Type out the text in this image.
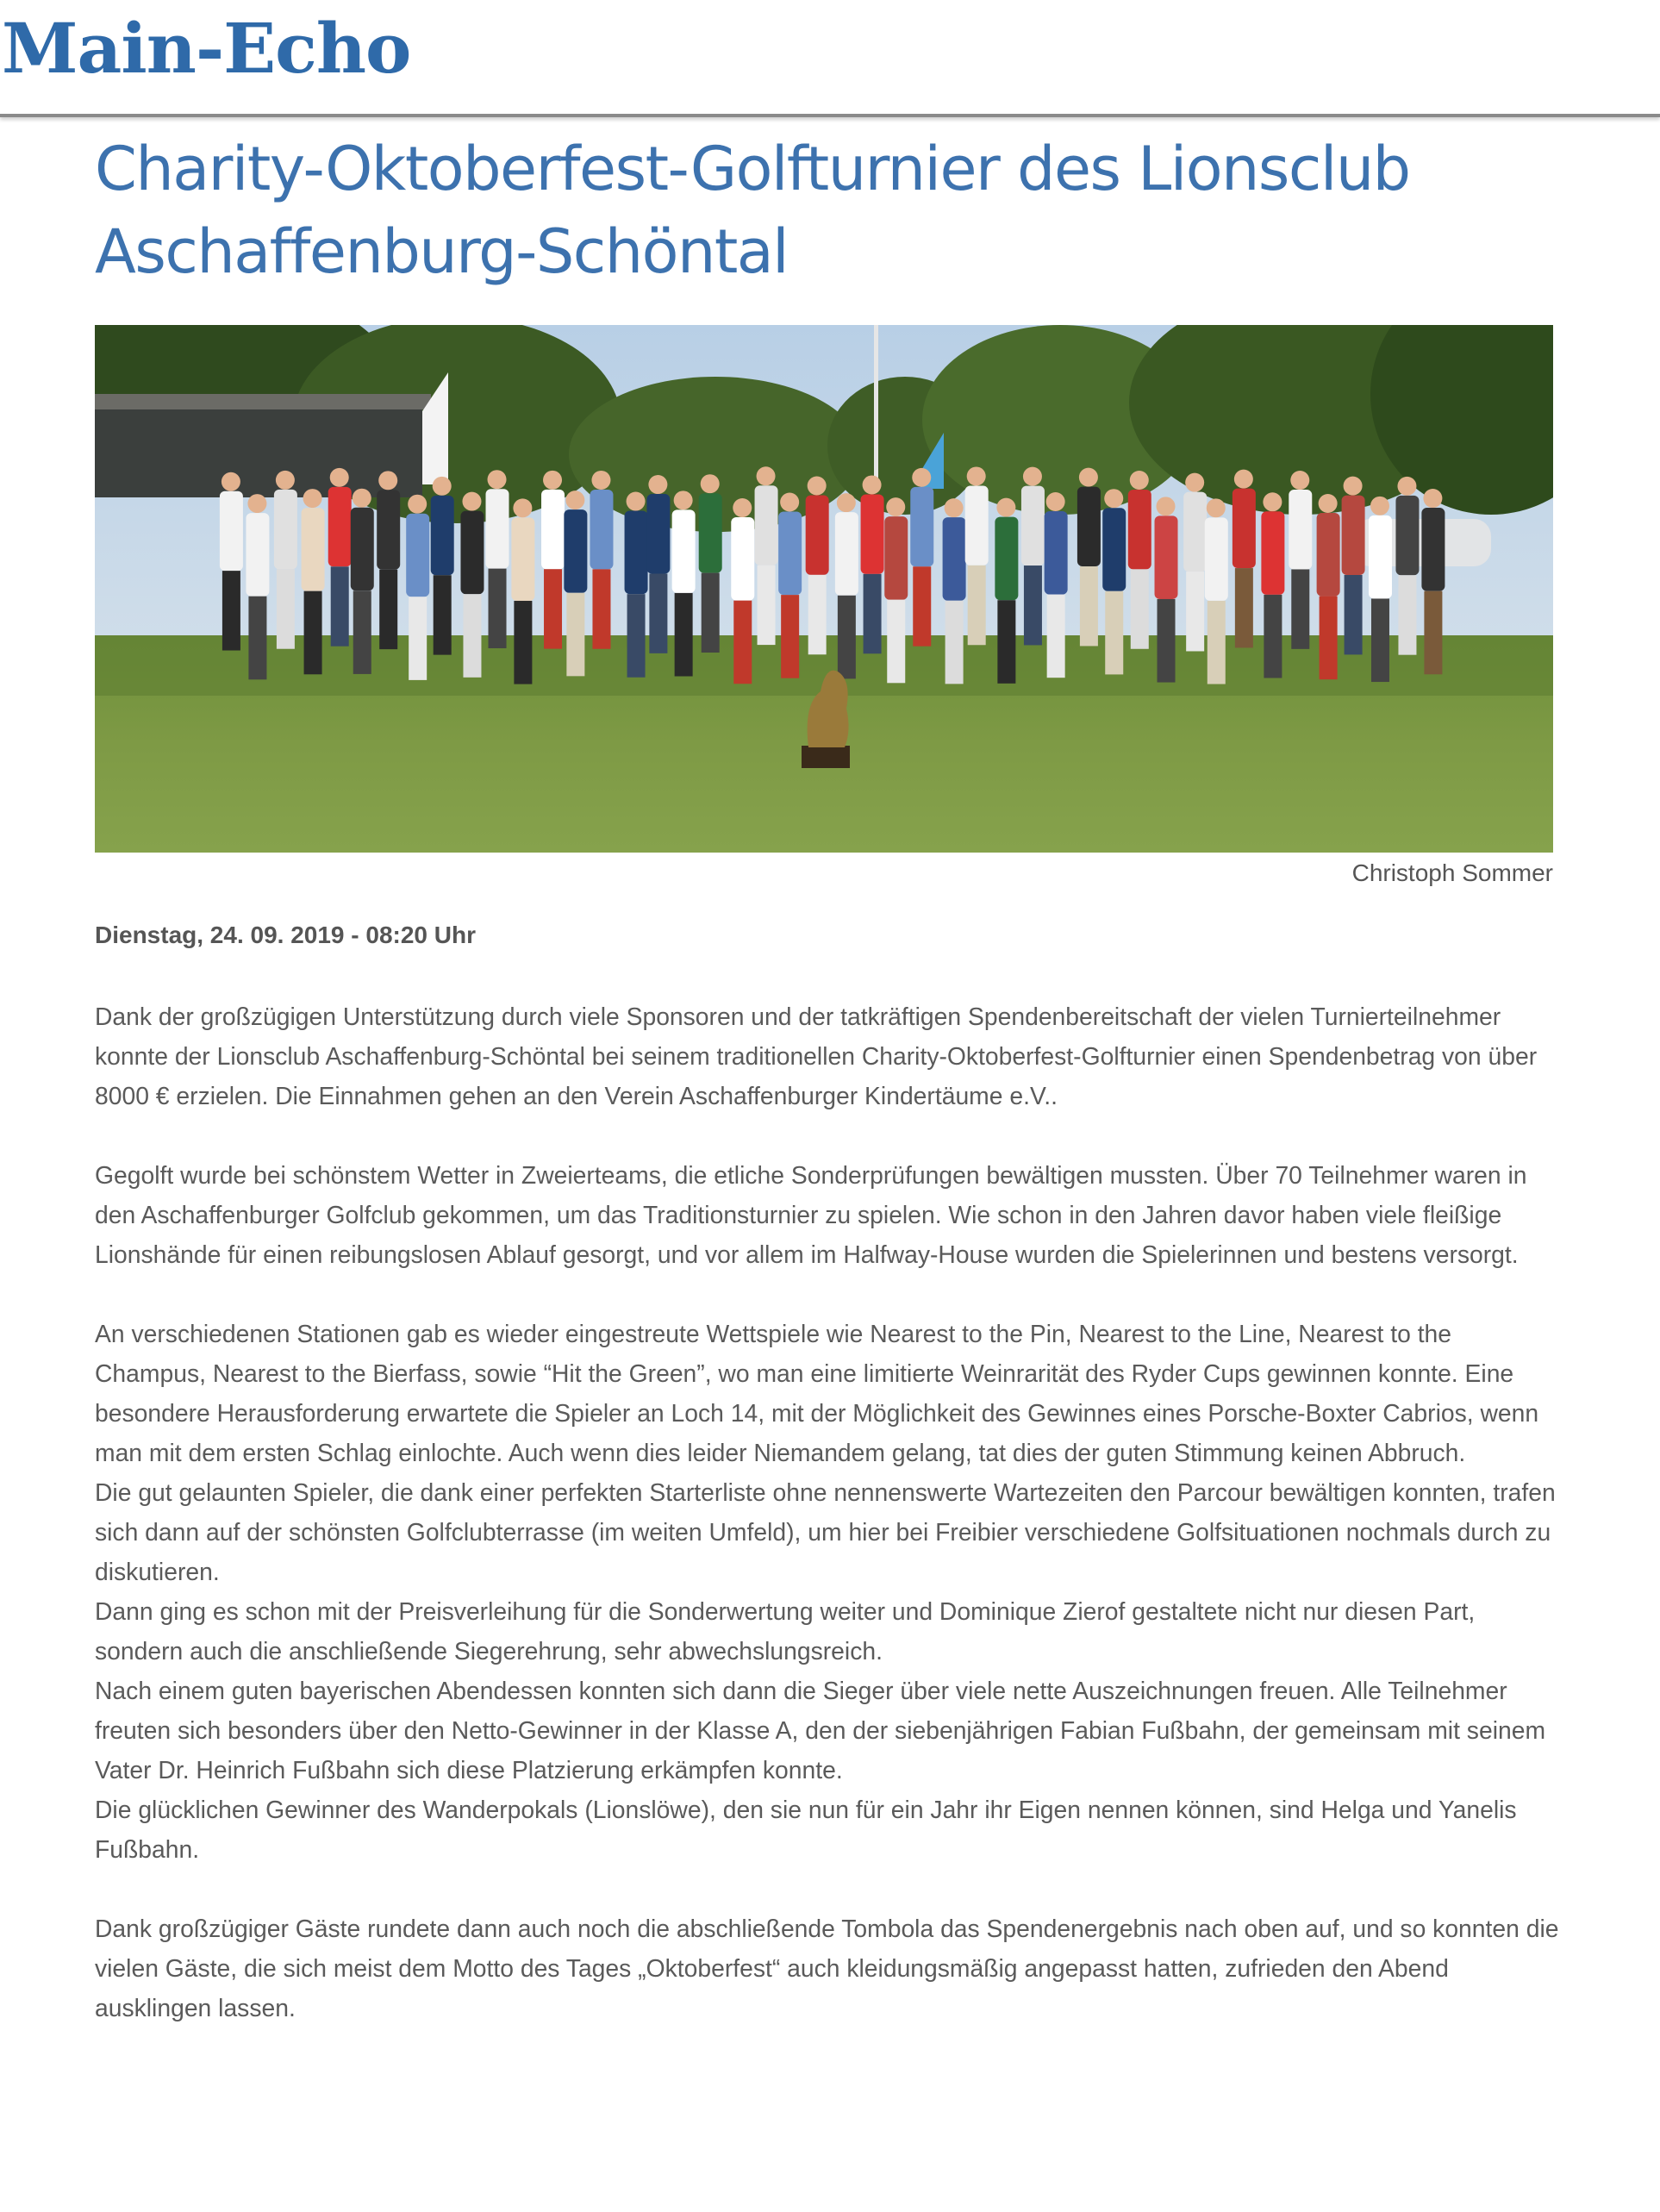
Main-Echo
Charity-Oktoberfest-Golfturnier des Lionsclub Aschaffenburg-Schöntal
Christoph Sommer
Dienstag, 24. 09. 2019 - 08:20 Uhr

Dank der großzügigen Unterstützung durch viele Sponsoren und der tatkräftigen Spendenbereitschaft der vielen Turnierteilnehmer konnte der Lionsclub Aschaffenburg-Schöntal bei seinem traditionellen Charity-Oktoberfest-Golfturnier einen Spendenbetrag von über 8000 € erzielen. Die Einnahmen gehen an den Verein Aschaffenburger Kindertäume e.V..

Gegolft wurde bei schönstem Wetter in Zweierteams, die etliche Sonderprüfungen bewältigen mussten. Über 70 Teilnehmer waren in den Aschaffenburger Golfclub gekommen, um das Traditionsturnier zu spielen. Wie schon in den Jahren davor haben viele fleißige Lionshände für einen reibungslosen Ablauf gesorgt, und vor allem im Halfway-House wurden die Spielerinnen und bestens versorgt.

An verschiedenen Stationen gab es wieder eingestreute Wettspiele wie Nearest to the Pin, Nearest to the Line, Nearest to the Champus, Nearest to the Bierfass, sowie “Hit the Green”, wo man eine limitierte Weinrarität des Ryder Cups gewinnen konnte. Eine besondere Herausforderung erwartete die Spieler an Loch 14, mit der Möglichkeit des Gewinnes eines Porsche-Boxter Cabrios, wenn man mit dem ersten Schlag einlochte. Auch wenn dies leider Niemandem gelang, tat dies der guten Stimmung keinen Abbruch.

Die gut gelaunten Spieler, die dank einer perfekten Starterliste ohne nennenswerte Wartezeiten den Parcour bewältigen konnten, trafen sich dann auf der schönsten Golfclubterrasse (im weiten Umfeld), um hier bei Freibier verschiedene Golfsituationen nochmals durch zu diskutieren.

Dann ging es schon mit der Preisverleihung für die Sonderwertung weiter und Dominique Zierof gestaltete nicht nur diesen Part, sondern auch die anschließende Siegerehrung, sehr abwechslungsreich.

Nach einem guten bayerischen Abendessen konnten sich dann die Sieger über viele nette Auszeichnungen freuen. Alle Teilnehmer freuten sich besonders über den Netto-Gewinner in der Klasse A, den der siebenjährigen Fabian Fußbahn, der gemeinsam mit seinem Vater Dr. Heinrich Fußbahn sich diese Platzierung erkämpfen konnte.

Die glücklichen Gewinner des Wanderpokals (Lionslöwe), den sie nun für ein Jahr ihr Eigen nennen können, sind Helga und Yanelis Fußbahn.

Dank großzügiger Gäste rundete dann auch noch die abschließende Tombola das Spendenergebnis nach oben auf, und so konnten die vielen Gäste, die sich meist dem Motto des Tages „Oktoberfest“ auch kleidungsmäßig angepasst hatten, zufrieden den Abend ausklingen lassen.
